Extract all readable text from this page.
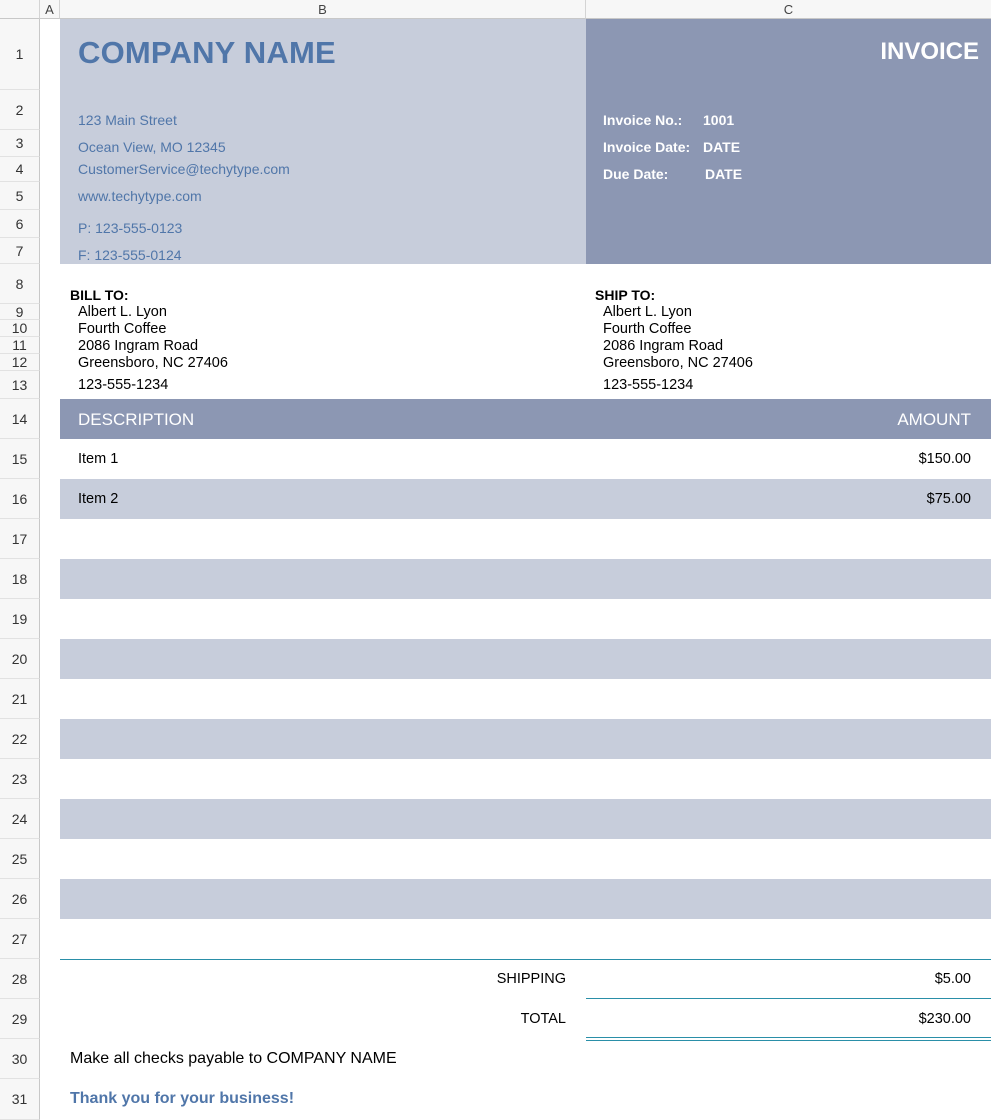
A	B	C
1
2
3
4
5
6
7
8
9
10
11
12
13
14
15
16
17
18
19
20
21
22
23
24
25
26
27
28
29
30
31
COMPANY NAME
123 Main Street
Ocean View, MO 12345
CustomerService@techytype.com
www.techytype.com
P: 123-555-0123
F: 123-555-0124
INVOICE
Invoice No.: 1001
Invoice Date: DATE
Due Date:	DATE
BILL TO:
Albert L. Lyon
Fourth Coffee
2086 Ingram Road
Greensboro, NC 27406
123-555-1234
SHIP TO:
Albert L. Lyon
Fourth Coffee
2086 Ingram Road
Greensboro, NC 27406
123-555-1234
DESCRIPTION	AMOUNT
Item 1	$150.00
Item 2	$75.00
SHIPPING	$5.00
TOTAL	$230.00
Make all checks payable to COMPANY NAME
Thank you for your business!
